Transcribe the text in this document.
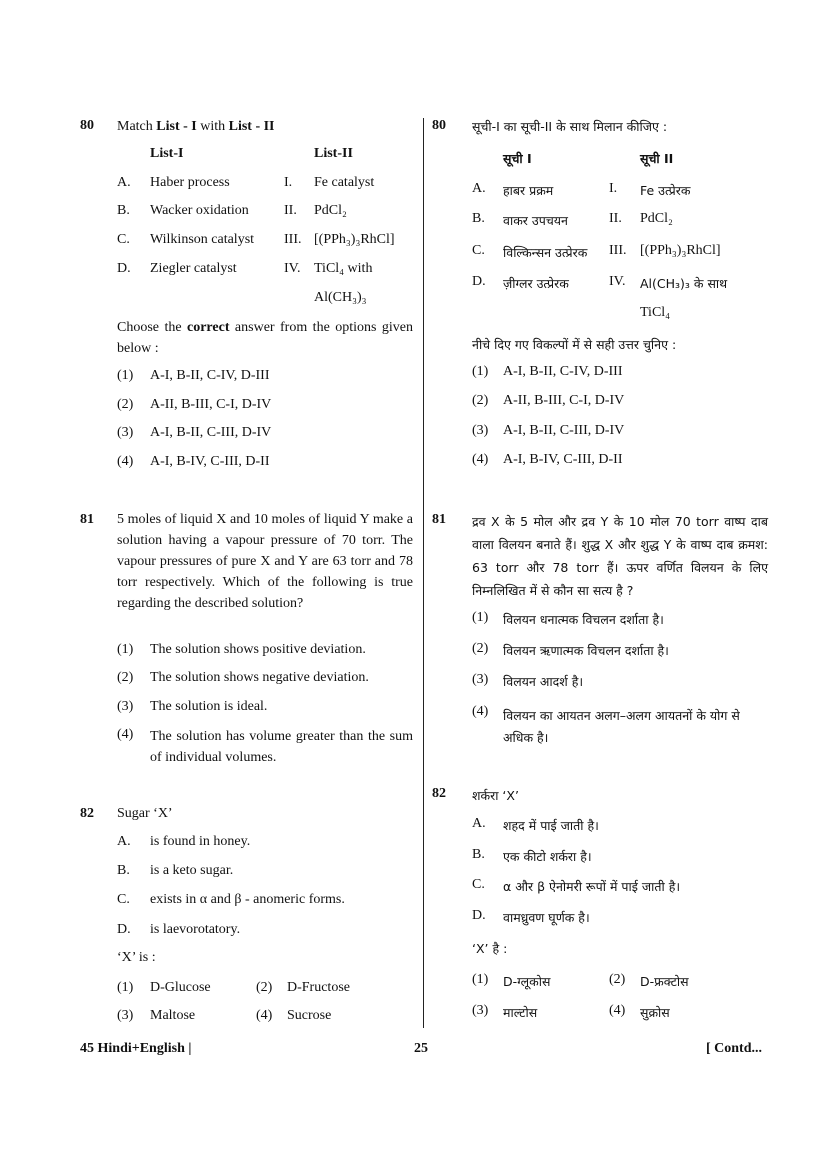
80 Match List - I with List - II
List-I	List-II
A. Haber process	I. Fe catalyst
B. Wacker oxidation	II. PdCl₂
C. Wilkinson catalyst III. [(PPh₃)₃RhCl]
D. Ziegler catalyst	IV. TiCl₄ with
Al(CH₃)₃
Choose the correct answer from the options given below :
(1) A-I, B-II, C-IV, D-III
(2) A-II, B-III, C-I, D-IV
(3) A-I, B-II, C-III, D-IV
(4) A-I, B-IV, C-III, D-II
80 सूची-I का सूची-II के साथ मिलान कीजिए :
सूची I	सूची II
A. हाबर प्रक्रम	I. Fe उत्प्रेरक
B. वाकर उपचयन	II. PdCl₂
C. विल्किन्सन उत्प्रेरक III. [(PPh₃)₃RhCl]
D. ज़ीग्लर उत्प्रेरक	IV. Al(CH₃)₃ के साथ
TiCl₄
नीचे दिए गए विकल्पों में से सही उत्तर चुनिए :
(1) A-I, B-II, C-IV, D-III
(2) A-II, B-III, C-I, D-IV
(3) A-I, B-II, C-III, D-IV
(4) A-I, B-IV, C-III, D-II
81 5 moles of liquid X and 10 moles of liquid Y make a solution having a vapour pressure of 70 torr. The vapour pressures of pure X and Y are 63 torr and 78 torr respectively. Which of the following is true regarding the described solution?
(1) The solution shows positive deviation.
(2) The solution shows negative deviation.
(3) The solution is ideal.
(4) The solution has volume greater than the sum of individual volumes.
81 द्रव X के 5 मोल और द्रव Y के 10 मोल 70 torr वाष्प दाब वाला विलयन बनाते हैं। शुद्ध X और शुद्ध Y के वाष्प दाब क्रमश: 63 torr और 78 torr हैं। ऊपर वर्णित विलयन के लिए निम्नलिखित में से कौन सा सत्य है ?
(1) विलयन धनात्मक विचलन दर्शाता है।
(2) विलयन ऋणात्मक विचलन दर्शाता है।
(3) विलयन आदर्श है।
(4) विलयन का आयतन अलग–अलग आयतनों के योग से अधिक है।
82 Sugar ‘X’
A. is found in honey.
B. is a keto sugar.
C. exists in α and β - anomeric forms.
D. is laevorotatory.
‘X’ is :
(1) D-Glucose	(2) D-Fructose
(3) Maltose	(4) Sucrose
82 शर्करा ‘X’
A. शहद में पाई जाती है।
B. एक कीटो शर्करा है।
C. α और β ऐनोमरी रूपों में पाई जाती है।
D. वामध्रुवण घूर्णक है।
‘X’ है :
(1) D-ग्लूकोस	(2) D-फ्रक्टोस
(3) माल्टोस	(4) सुक्रोस
45 Hindi+English |	25	[ Contd...
